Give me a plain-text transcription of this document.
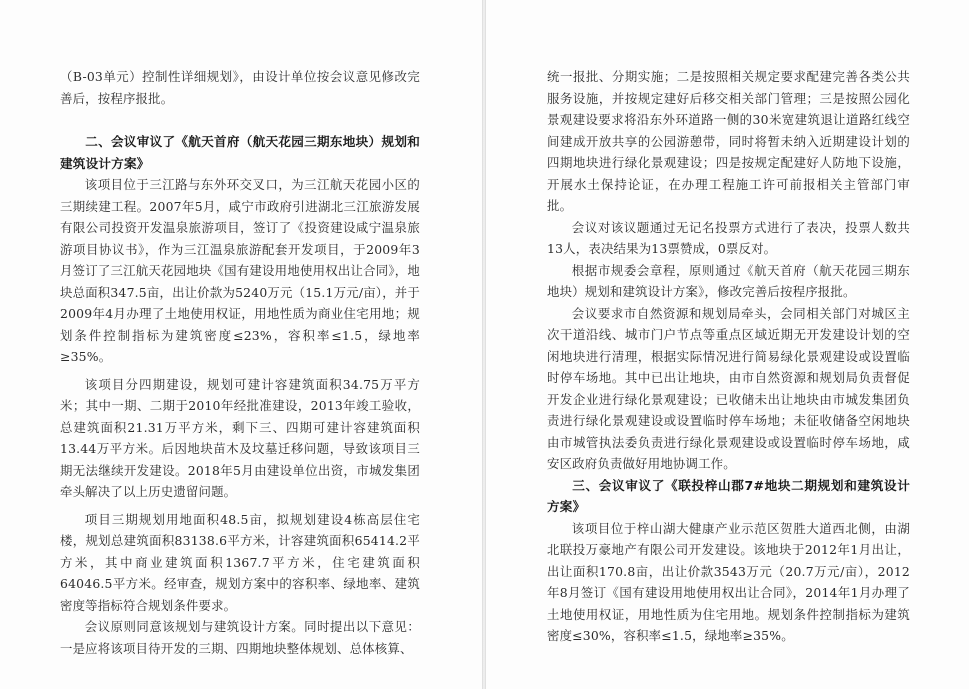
（B-03单元）控制性详细规划》，由设计单位按会议意见修改完善后，按程序报批。

二、会议审议了《航天首府（航天花园三期东地块）规划和建筑设计方案》

该项目位于三江路与东外环交叉口，为三江航天花园小区的三期续建工程。2007年5月，咸宁市政府引进湖北三江旅游发展有限公司投资开发温泉旅游项目，签订了《投资建设咸宁温泉旅游项目协议书》，作为三江温泉旅游配套开发项目，于2009年3月签订了三江航天花园地块《国有建设用地使用权出让合同》，地块总面积347.5亩，出让价款为5240万元（15.1万元/亩），并于2009年4月办理了土地使用权证，用地性质为商业住宅用地；规划条件控制指标为建筑密度≤23%，容积率≤1.5，绿地率≥35%。

该项目分四期建设，规划可建计容建筑面积34.75万平方米；其中一期、二期于2010年经批准建设，2013年竣工验收，总建筑面积21.31万平方米，剩下三、四期可建计容建筑面积13.44万平方米。后因地块苗木及坟墓迁移问题，导致该项目三期无法继续开发建设。2018年5月由建设单位出资，市城发集团牵头解决了以上历史遗留问题。

项目三期规划用地面积48.5亩，拟规划建设4栋高层住宅楼，规划总建筑面积83138.6平方米，计容建筑面积65414.2平方米，其中商业建筑面积1367.7平方米，住宅建筑面积64046.5平方米。经审查，规划方案中的容积率、绿地率、建筑密度等指标符合规划条件要求。

会议原则同意该规划与建筑设计方案。同时提出以下意见：一是应将该项目待开发的三期、四期地块整体规划、总体核算、

统一报批、分期实施；二是按照相关规定要求配建完善各类公共服务设施，并按规定建好后移交相关部门管理；三是按照公园化景观建设要求将沿东外环道路一侧的30米宽建筑退让道路红线空间建成开放共享的公园游憩带，同时将暂未纳入近期建设计划的四期地块进行绿化景观建设；四是按规定配建好人防地下设施，开展水土保持论证，在办理工程施工许可前报相关主管部门审批。

会议对该议题通过无记名投票方式进行了表决，投票人数共13人，表决结果为13票赞成，0票反对。

根据市规委会章程，原则通过《航天首府（航天花园三期东地块）规划和建筑设计方案》，修改完善后按程序报批。

会议要求市自然资源和规划局牵头，会同相关部门对城区主次干道沿线、城市门户节点等重点区域近期无开发建设计划的空闲地块进行清理，根据实际情况进行简易绿化景观建设或设置临时停车场地。其中已出让地块，由市自然资源和规划局负责督促开发企业进行绿化景观建设；已收储未出让地块由市城发集团负责进行绿化景观建设或设置临时停车场地；未征收储备空闲地块由市城管执法委负责进行绿化景观建设或设置临时停车场地，咸安区政府负责做好用地协调工作。

三、会议审议了《联投梓山郡7#地块二期规划和建筑设计方案》

该项目位于梓山湖大健康产业示范区贺胜大道西北侧，由湖北联投万豪地产有限公司开发建设。该地块于2012年1月出让，出让面积170.8亩，出让价款3543万元（20.7万元/亩），2012年8月签订《国有建设用地使用权出让合同》，2014年1月办理了土地使用权证，用地性质为住宅用地。规划条件控制指标为建筑密度≤30%，容积率≤1.5，绿地率≥35%。
